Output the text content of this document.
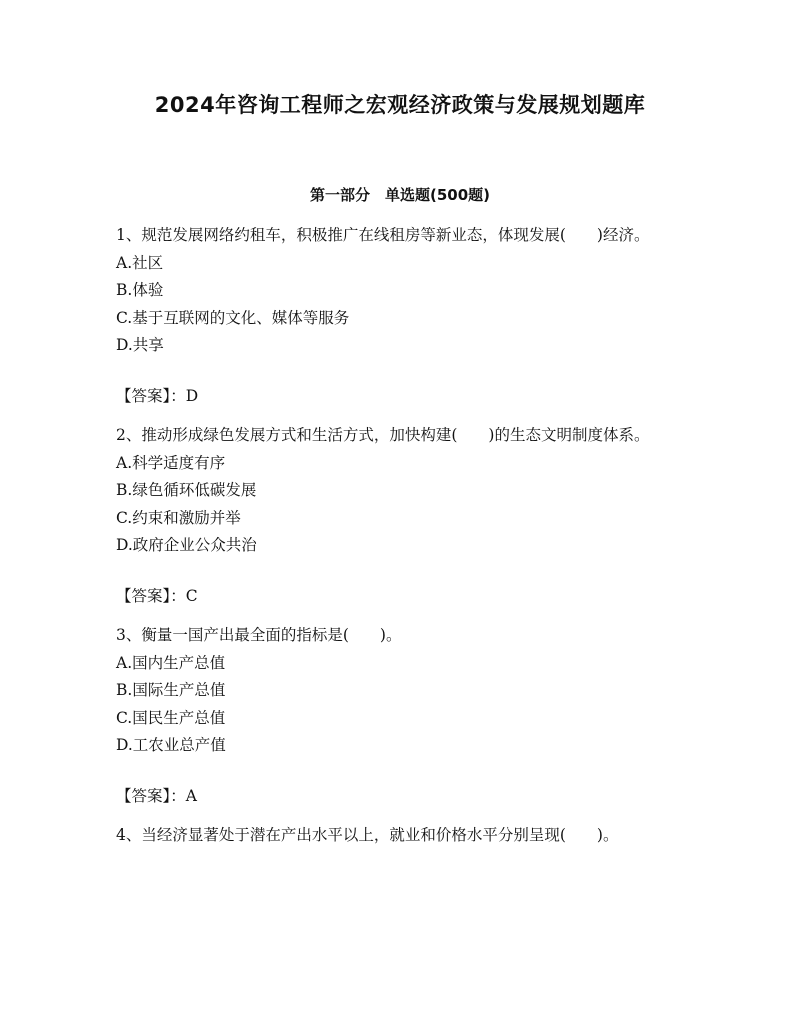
2024年咨询工程师之宏观经济政策与发展规划题库
第一部分　单选题(500题)

1、规范发展网络约租车，积极推广在线租房等新业态，体现发展(　　)经济。

A.社区

B.体验

C.基于互联网的文化、媒体等服务

D.共享

【答案】：D

2、推动形成绿色发展方式和生活方式，加快构建(　　)的生态文明制度体系。

A.科学适度有序

B.绿色循环低碳发展

C.约束和激励并举

D.政府企业公众共治

【答案】：C

3、衡量一国产出最全面的指标是(　　)。

A.国内生产总值

B.国际生产总值

C.国民生产总值

D.工农业总产值

【答案】：A

4、当经济显著处于潜在产出水平以上，就业和价格水平分别呈现(　　)。
